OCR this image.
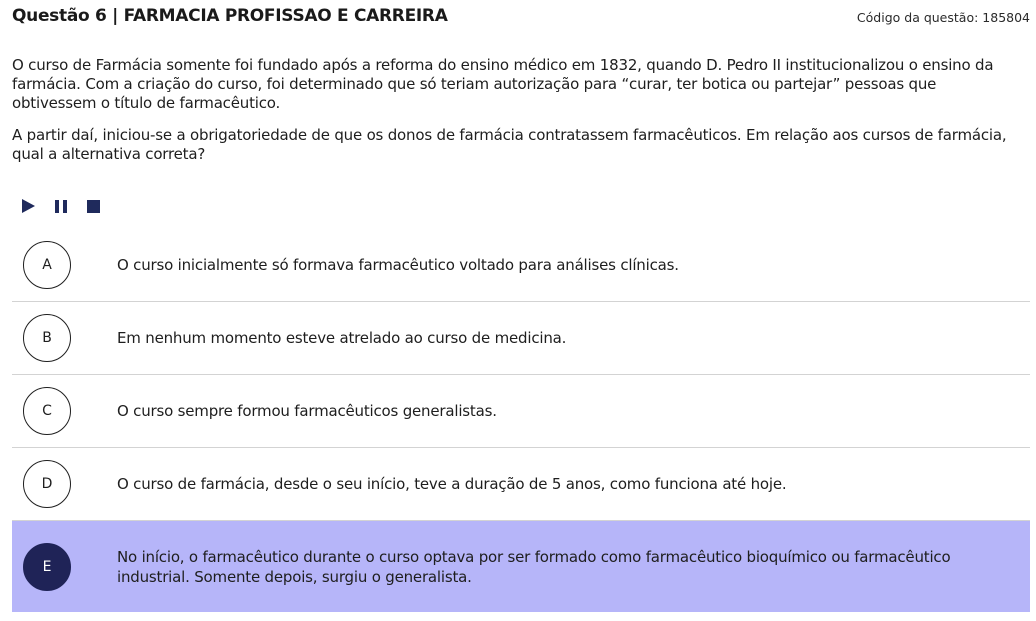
Questão 6 | FARMACIA PROFISSAO E CARREIRA	Código da questão: 185804

O curso de Farmácia somente foi fundado após a reforma do ensino médico em 1832, quando D. Pedro II institucionalizou o ensino da farmácia. Com a criação do curso, foi determinado que só teriam autorização para “curar, ter botica ou partejar” pessoas que obtivessem o título de farmacêutico.

A partir daí, iniciou-se a obrigatoriedade de que os donos de farmácia contratassem farmacêuticos. Em relação aos cursos de farmácia, qual a alternativa correta?

A	O curso inicialmente só formava farmacêutico voltado para análises clínicas.
B	Em nenhum momento esteve atrelado ao curso de medicina.
C	O curso sempre formou farmacêuticos generalistas.
D	O curso de farmácia, desde o seu início, teve a duração de 5 anos, como funciona até hoje.
E
No início, o farmacêutico durante o curso optava por ser formado como farmacêutico bioquímico ou farmacêutico industrial. Somente depois, surgiu o generalista.
